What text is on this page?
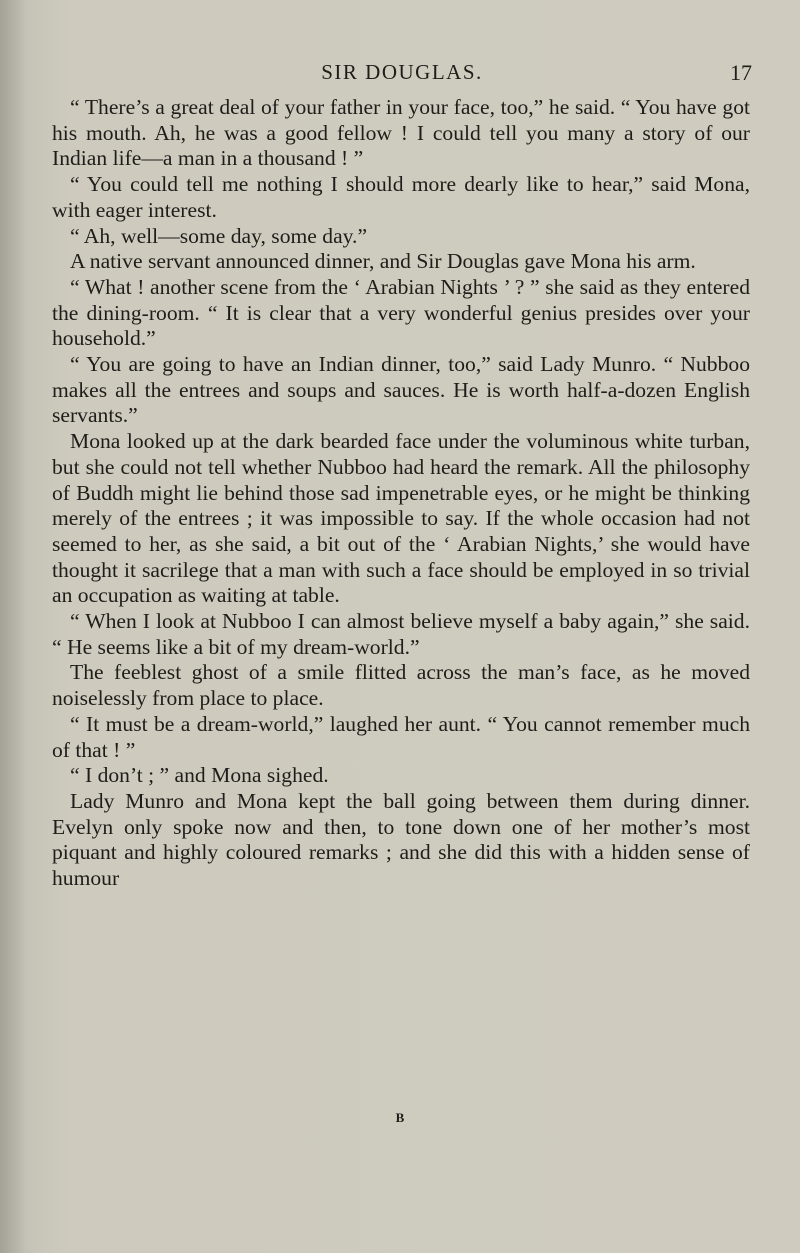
SIR DOUGLAS.	17

“ There’s a great deal of your father in your face, too,” he said. “ You have got his mouth. Ah, he was a good fellow ! I could tell you many a story of our Indian life—a man in a thousand ! ”

“ You could tell me nothing I should more dearly like to hear,” said Mona, with eager interest.

“ Ah, well—some day, some day.”

A native servant announced dinner, and Sir Douglas gave Mona his arm.

“ What ! another scene from the ‘ Arabian Nights ’ ? ” she said as they entered the dining-room. “ It is clear that a very wonderful genius presides over your household.”

“ You are going to have an Indian dinner, too,” said Lady Munro. “ Nubboo makes all the entrees and soups and sauces. He is worth half-a-dozen English servants.”

Mona looked up at the dark bearded face under the voluminous white turban, but she could not tell whether Nubboo had heard the remark. All the philosophy of Buddh might lie behind those sad impenetrable eyes, or he might be thinking merely of the entrees ; it was impossible to say. If the whole occasion had not seemed to her, as she said, a bit out of the ‘ Arabian Nights,’ she would have thought it sacrilege that a man with such a face should be employed in so trivial an occupation as waiting at table.

“ When I look at Nubboo I can almost believe myself a baby again,” she said. “ He seems like a bit of my dream-world.”

The feeblest ghost of a smile flitted across the man’s face, as he moved noiselessly from place to place.

“ It must be a dream-world,” laughed her aunt. “ You cannot remember much of that ! ”

“ I don’t ; ” and Mona sighed.

Lady Munro and Mona kept the ball going between them during dinner. Evelyn only spoke now and then, to tone down one of her mother’s most piquant and highly coloured remarks ; and she did this with a hidden sense of humour

B
